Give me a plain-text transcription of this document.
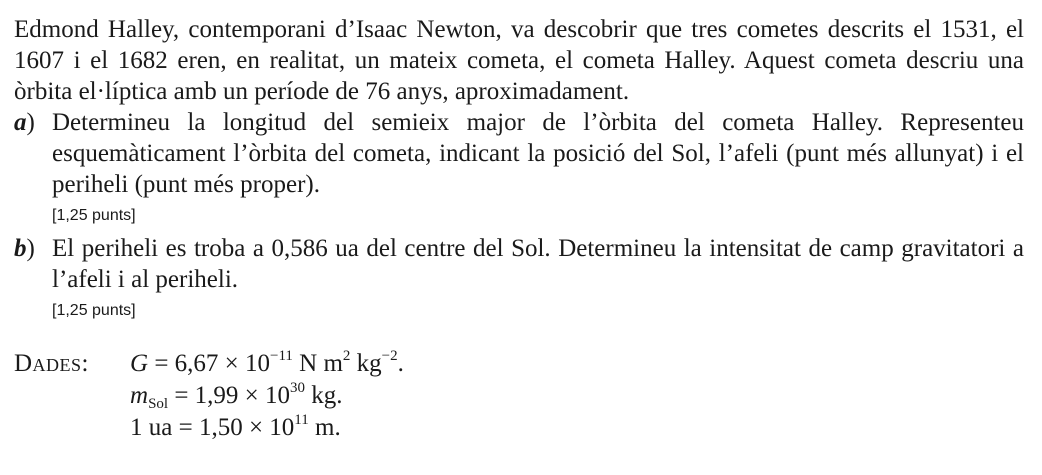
Edmond Halley, contemporani d’Isaac Newton, va descobrir que tres cometes descrits el 1531, el 1607 i el 1682 eren, en realitat, un mateix cometa, el cometa Halley. Aquest cometa descriu una òrbita el·líptica amb un període de 76 anys, aproximadament.

a) Determineu la longitud del semieix major de l’òrbita del cometa Halley. Representeu esquemàticament l’òrbita del cometa, indicant la posició del Sol, l’afeli (punt més allunyat) i el periheli (punt més proper).

[1,25 punts]
b) El periheli es troba a 0,586 ua del centre del Sol. Determineu la intensitat de camp gravitatori a l’afeli i al periheli.

[1,25 punts]
Dades: $G = 6,67 \times 10^{-11}$ N $m^2$ $kg^{-2}$.
$m_{Sol} = 1,99 \times 10^{30}$ kg.
1 ua = $1,50 \times 10^{11}$ m.
